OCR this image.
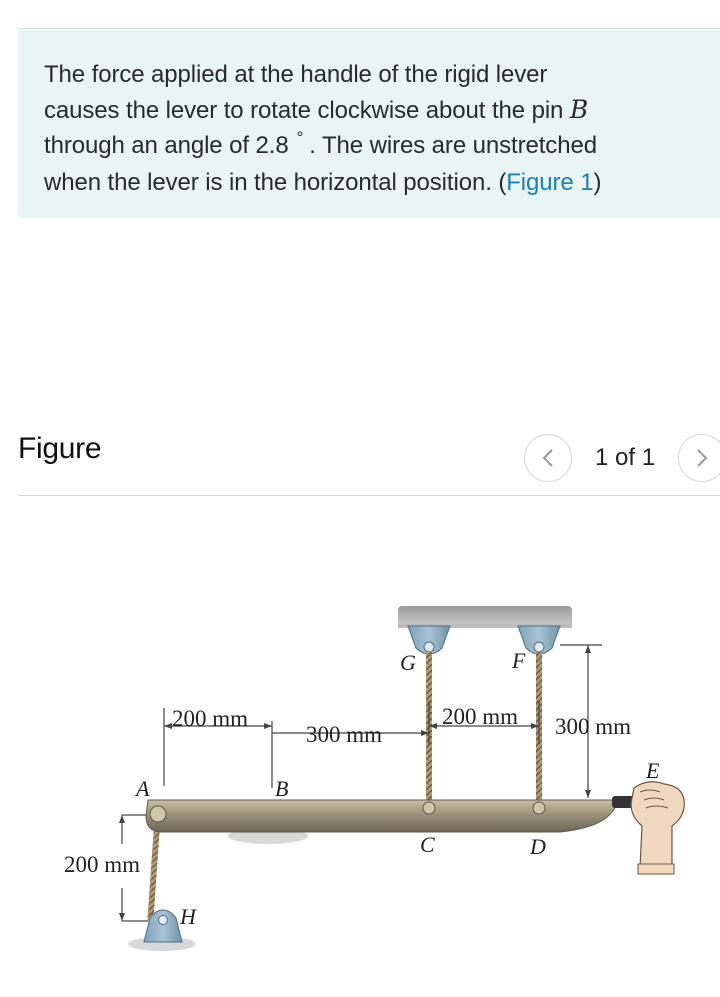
The force applied at the handle of the rigid lever
causes the lever to rotate clockwise about the pin B
through an angle of 2.8 ° . The wires are unstretched
when the lever is in the horizontal position. (Figure 1)
Figure	1 of 1
200 mm
300 mm
200 mm 300 mm
200 mm
A	B
C	D
E
F
G
H
